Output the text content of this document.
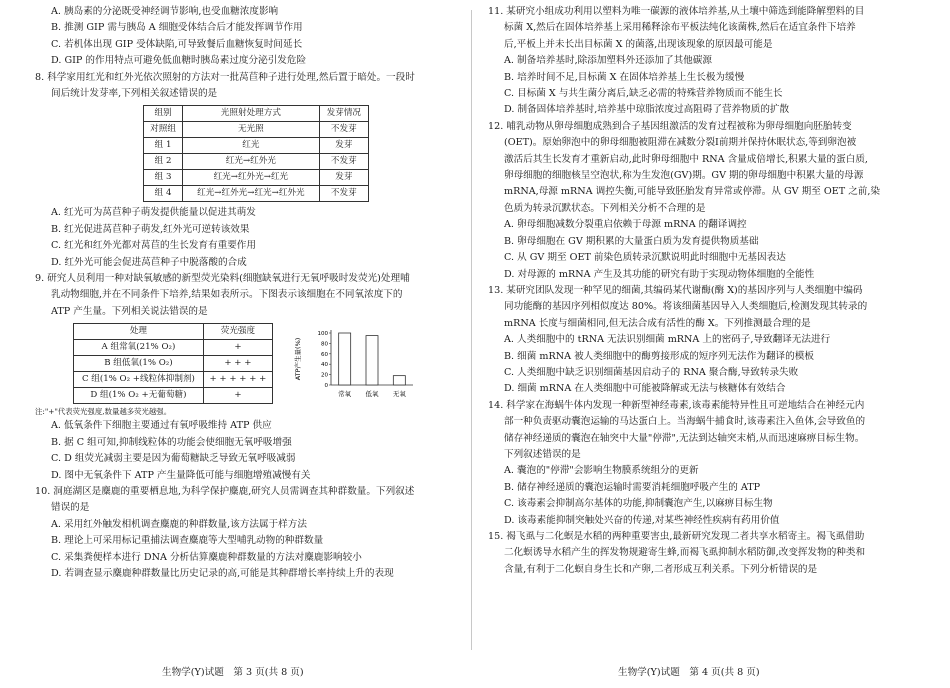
A. 胰岛素的分泌既受神经调节影响,也受血糖浓度影响

B. 推测 GIP 需与胰岛 A 细胞受体结合后才能发挥调节作用

C. 若机体出现 GIP 受体缺陷,可导致餐后血糖恢复时间延长

D. GIP 的作用特点可避免低血糖时胰岛素过度分泌引发危险

8. 科学家用红光和红外光依次照射的方法对一批莴苣种子进行处理,然后置于暗处。一段时

间后统计发芽率,下列相关叙述错误的是

组别	光照射处理方式	发芽情况
对照组	无光照	不发芽
组 1	红光	发芽
组 2	红光→红外光	不发芽
组 3	红光→红外光→红光	发芽
组 4	红光→红外光→红光→红外光	不发芽

A. 红光可为莴苣种子萌发提供能量以促进其萌发

B. 红光促进莴苣种子萌发,红外光可逆转该效果

C. 红光和红外光都对莴苣的生长发育有重要作用

D. 红外光可能会促进莴苣种子中脱落酸的合成

9. 研究人员利用一种对缺氧敏感的新型荧光染料(细胞缺氧进行无氧呼吸时发荧光)处理哺

乳动物细胞,并在不同条件下培养,结果如表所示。下图表示该细胞在不同氧浓度下的

ATP 产生量。下列相关说法错误的是

处理	荧光强度
A 组常氧(21% O₂)	+
B 组低氧(1% O₂)	+ + +
C 组(1% O₂ +线粒体抑制剂)	+ + + + + +
D 组(1% O₂ +无葡萄糖)	+
ATP产生量(%)
0
20
40
60
80
100
常氧 低氧 无氧

注:"+"代表荧光强度,数量越多荧光越强。

A. 低氧条件下细胞主要通过有氧呼吸维持 ATP 供应

B. 据 C 组可知,抑制线粒体的功能会使细胞无氧呼吸增强

C. D 组荧光减弱主要是因为葡萄糖缺乏导致无氧呼吸减弱

D. 图中无氧条件下 ATP 产生量降低可能与细胞增殖减慢有关

10. 洞庭湖区是麋鹿的重要栖息地,为科学保护麋鹿,研究人员需调查其种群数量。下列叙述

错误的是

A. 采用红外触发相机调查麋鹿的种群数量,该方法属于样方法

B. 理论上可采用标记重捕法调查麋鹿等大型哺乳动物的种群数量

C. 采集粪便样本进行 DNA 分析估算麋鹿种群数量的方法对麋鹿影响较小

D. 若调查显示麋鹿种群数量比历史记录的高,可能是其种群增长率持续上升的表现

11. 某研究小组成功利用以塑料为唯一碳源的液体培养基,从土壤中筛选到能降解塑料的目

标菌 X,然后在固体培养基上采用稀释涂布平板法纯化该菌株,然后在适宜条件下培养

后,平板上并未长出目标菌 X 的菌落,出现该现象的原因最可能是

A. 制备培养基时,除添加塑料外还添加了其他碳源

B. 培养时间不足,目标菌 X 在固体培养基上生长极为缓慢

C. 目标菌 X 与共生菌分离后,缺乏必需的特殊营养物质而不能生长

D. 制备固体培养基时,培养基中琼脂浓度过高阻碍了营养物质的扩散

12. 哺乳动物从卵母细胞成熟到合子基因组激活的发育过程被称为卵母细胞向胚胎转变

(OET)。原始卵泡中的卵母细胞被阻滞在减数分裂Ⅰ前期并保持休眠状态,等到卵泡被

激活后其生长发育才重新启动,此时卵母细胞中 RNA 含量成倍增长,积累大量的蛋白质,

卵母细胞的细胞核呈空泡状,称为生发泡(GV)期。GV 期的卵母细胞中积累大量的母源

mRNA,母源 mRNA 调控失衡,可能导致胚胎发育异常或停滞。从 GV 期至 OET 之前,染

色质为转录沉默状态。下列相关分析不合理的是

A. 卵母细胞减数分裂重启依赖于母源 mRNA 的翻译调控

B. 卵母细胞在 GV 期积累的大量蛋白质为发育提供物质基础

C. 从 GV 期至 OET 前染色质转录沉默说明此时细胞中无基因表达

D. 对母源的 mRNA 产生及其功能的研究有助于实现动物体细胞的全能性

13. 某研究团队发现一种罕见的细菌,其编码某代谢酶(酶 X)的基因序列与人类细胞中编码

同功能酶的基因序列相似度达 80%。将该细菌基因导入人类细胞后,检测发现其转录的

mRNA 长度与细菌相同,但无法合成有活性的酶 X。下列推测最合理的是

A. 人类细胞中的 tRNA 无法识别细菌 mRNA 上的密码子,导致翻译无法进行

B. 细菌 mRNA 被人类细胞中的酶剪接形成的短序列无法作为翻译的模板

C. 人类细胞中缺乏识别细菌基因启动子的 RNA 聚合酶,导致转录失败

D. 细菌 mRNA 在人类细胞中可能被降解或无法与核糖体有效结合

14. 科学家在海蜗牛体内发现一种新型神经毒素,该毒素能特异性且可逆地结合在神经元内

部一种负责驱动囊泡运输的马达蛋白上。当海蜗牛捕食时,该毒素注入鱼体,会导致鱼的

储存神经递质的囊泡在轴突中大量"停滞",无法到达轴突末梢,从而迅速麻痹目标生物。

下列叙述错误的是

A. 囊泡的"停滞"会影响生物膜系统组分的更新

B. 储存神经递质的囊泡运输时需要消耗细胞呼吸产生的 ATP

C. 该毒素会抑制高尔基体的功能,抑制囊泡产生,以麻痹目标生物

D. 该毒素能抑制突触处兴奋的传递,对某些神经性疾病有药用价值

15. 褐飞虱与二化螟是水稻的两种重要害虫,最新研究发现二者共享水稻寄主。褐飞虱借助

二化螟诱导水稻产生的挥发物规避寄生蜂,而褐飞虱抑制水稻防御,改变挥发物的种类和

含量,有利于二化螟自身生长和产卵,二者形成互利关系。下列分析错误的是

生物学(Y)试题　第 3 页(共 8 页)	生物学(Y)试题　第 4 页(共 8 页)
